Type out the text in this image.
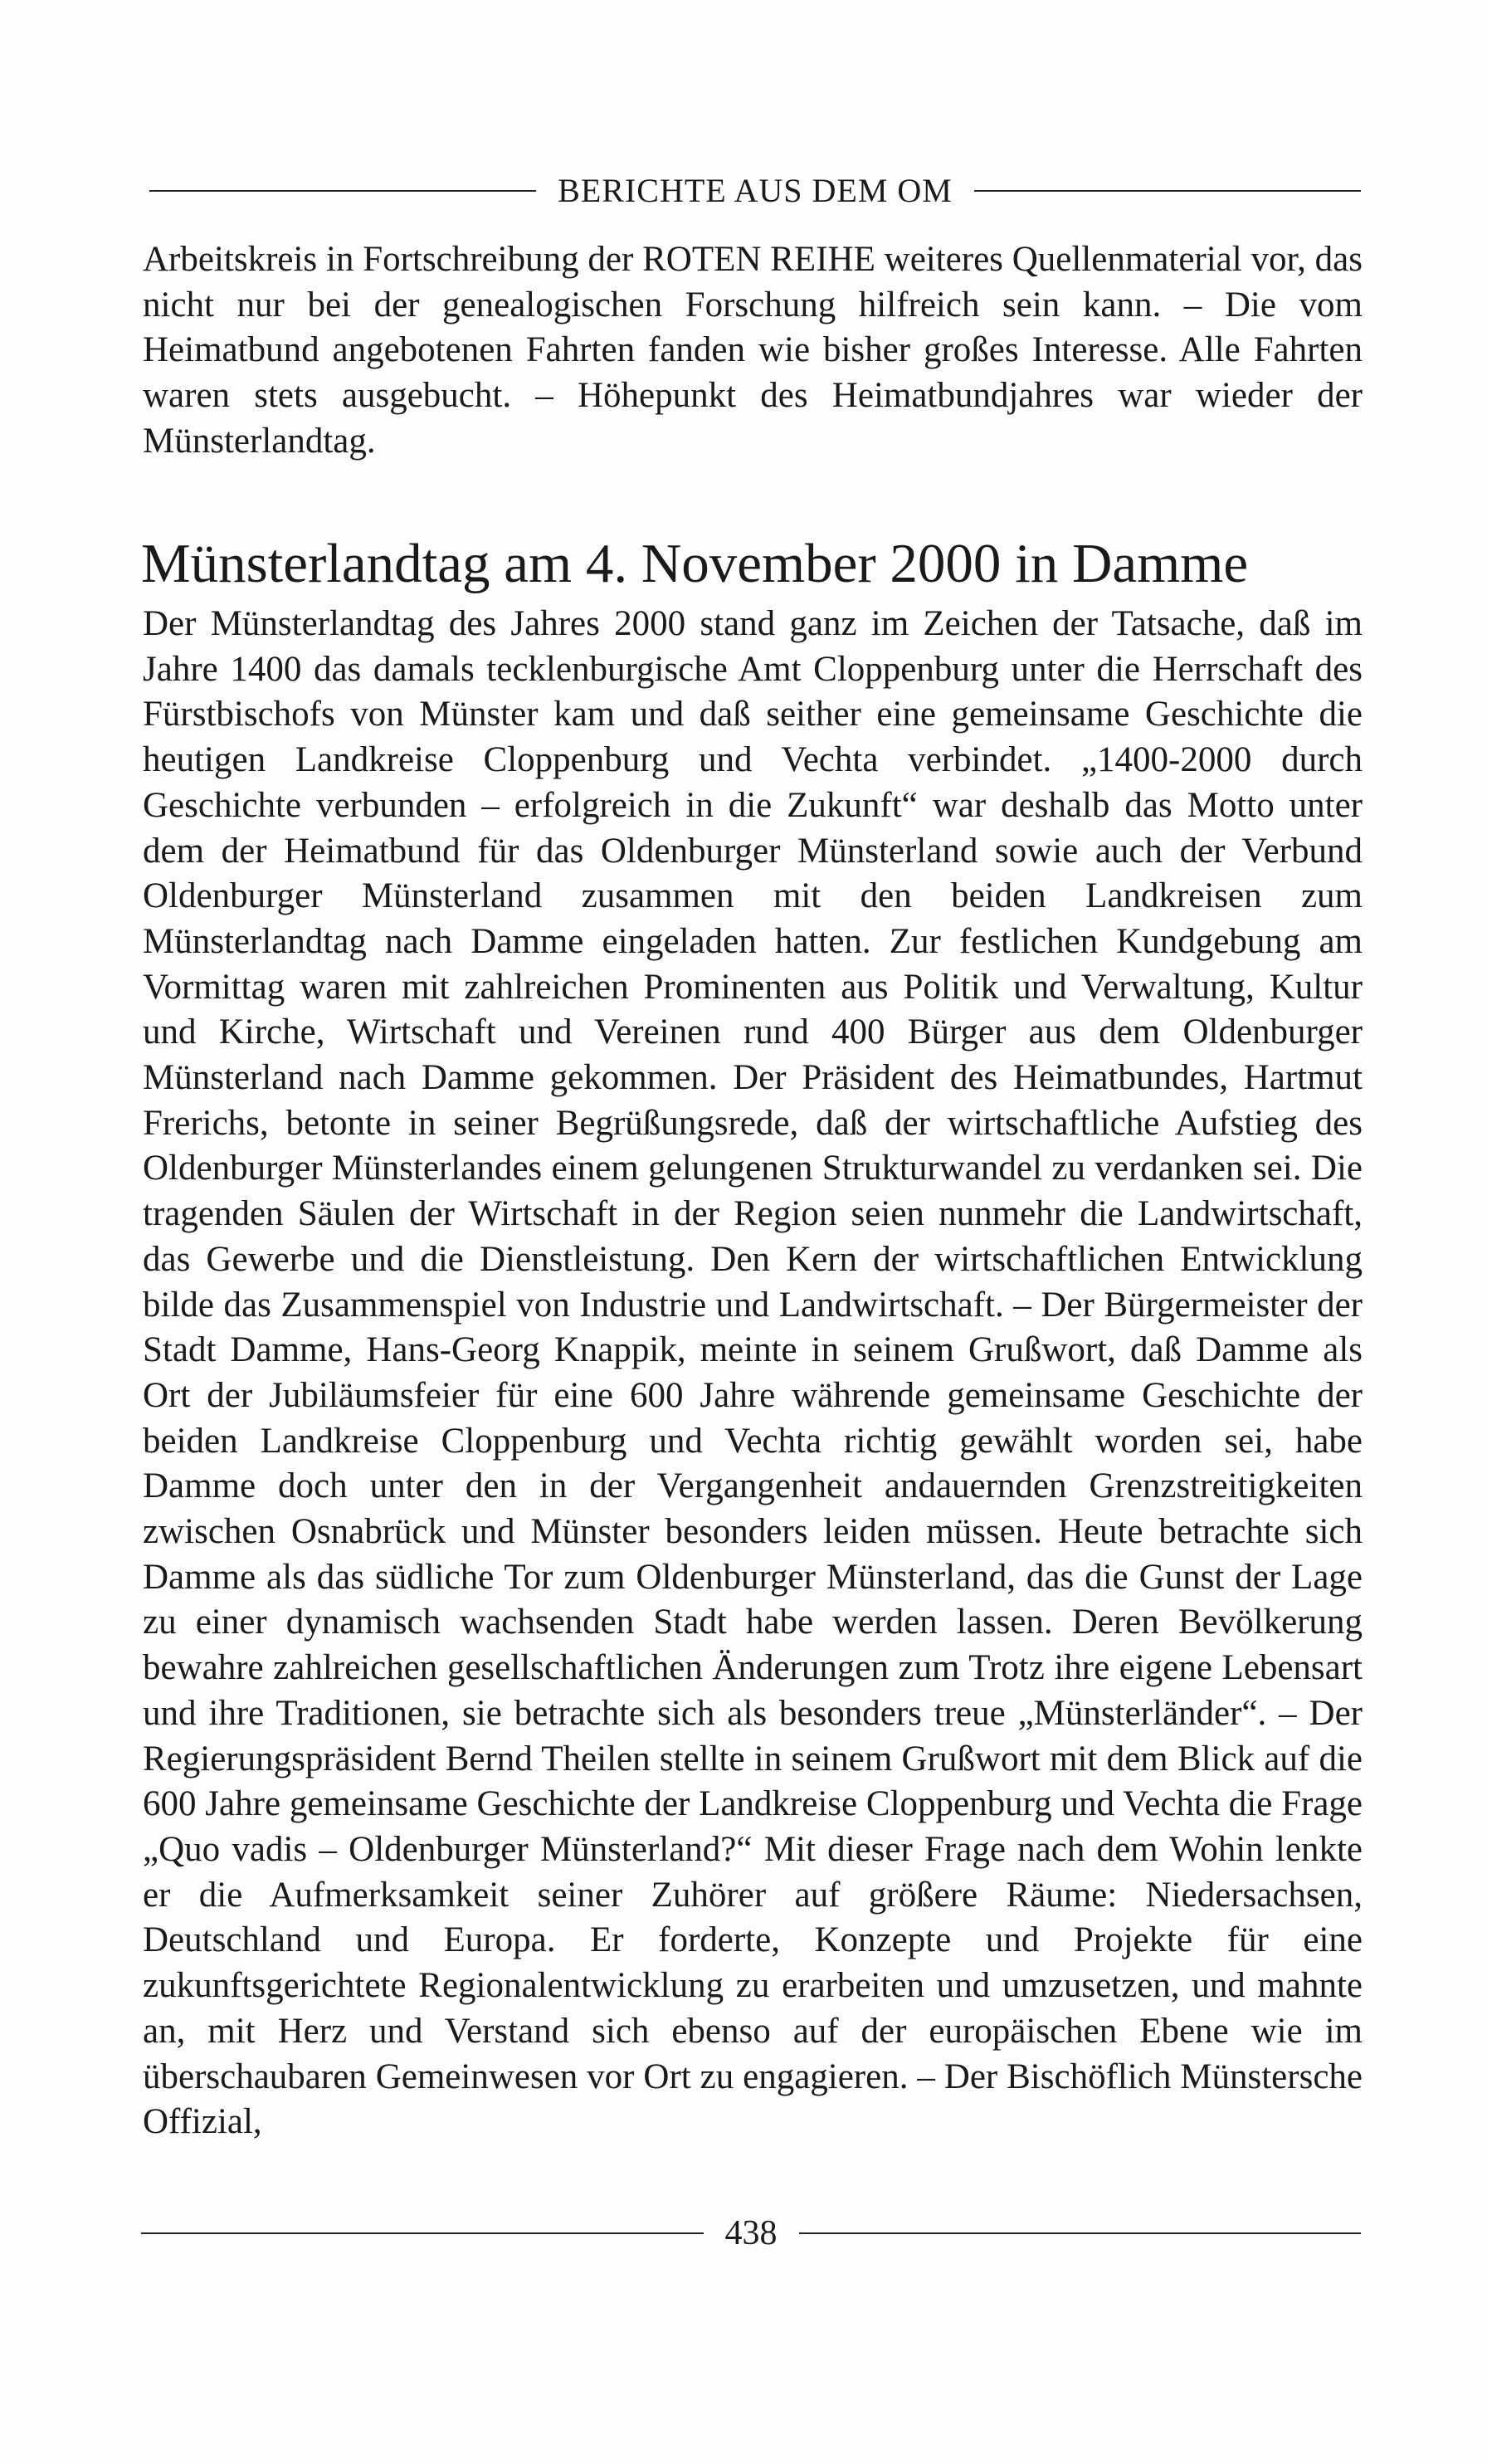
BERICHTE AUS DEM OM

Arbeitskreis in Fortschreibung der ROTEN REIHE weiteres Quellenmaterial vor, das nicht nur bei der genealogischen Forschung hilfreich sein kann. – Die vom Heimatbund angebotenen Fahrten fanden wie bisher großes Interesse. Alle Fahrten waren stets ausgebucht. – Höhepunkt des Heimatbundjahres war wieder der Münsterlandtag.

Münsterlandtag am 4. November 2000 in Damme

Der Münsterlandtag des Jahres 2000 stand ganz im Zeichen der Tatsache, daß im Jahre 1400 das damals tecklenburgische Amt Cloppenburg unter die Herrschaft des Fürstbischofs von Münster kam und daß seither eine gemeinsame Geschichte die heutigen Landkreise Cloppenburg und Vechta verbindet. „1400-2000 durch Geschichte verbunden – erfolgreich in die Zukunft“ war deshalb das Motto unter dem der Heimatbund für das Oldenburger Münsterland sowie auch der Verbund Oldenburger Münsterland zusammen mit den beiden Landkreisen zum Münsterlandtag nach Damme eingeladen hatten. Zur festlichen Kundgebung am Vormittag waren mit zahlreichen Prominenten aus Politik und Verwaltung, Kultur und Kirche, Wirtschaft und Vereinen rund 400 Bürger aus dem Oldenburger Münsterland nach Damme gekommen. Der Präsident des Heimatbundes, Hartmut Frerichs, betonte in seiner Begrüßungsrede, daß der wirtschaftliche Aufstieg des Oldenburger Münsterlandes einem gelungenen Strukturwandel zu verdanken sei. Die tragenden Säulen der Wirtschaft in der Region seien nunmehr die Landwirtschaft, das Gewerbe und die Dienstleistung. Den Kern der wirtschaftlichen Entwicklung bilde das Zusammenspiel von Industrie und Landwirtschaft. – Der Bürgermeister der Stadt Damme, Hans-Georg Knappik, meinte in seinem Grußwort, daß Damme als Ort der Jubiläumsfeier für eine 600 Jahre währende gemeinsame Geschichte der beiden Landkreise Cloppenburg und Vechta richtig gewählt worden sei, habe Damme doch unter den in der Vergangenheit andauernden Grenzstreitigkeiten zwischen Osnabrück und Münster besonders leiden müssen. Heute betrachte sich Damme als das südliche Tor zum Oldenburger Münsterland, das die Gunst der Lage zu einer dynamisch wachsenden Stadt habe werden lassen. Deren Bevölkerung bewahre zahlreichen gesellschaftlichen Änderungen zum Trotz ihre eigene Lebensart und ihre Traditionen, sie betrachte sich als besonders treue „Münsterländer“. – Der Regierungspräsident Bernd Theilen stellte in seinem Grußwort mit dem Blick auf die 600 Jahre gemeinsame Geschichte der Landkreise Cloppenburg und Vechta die Frage „Quo vadis – Oldenburger Münsterland?“ Mit dieser Frage nach dem Wohin lenkte er die Aufmerksamkeit seiner Zuhörer auf größere Räume: Niedersachsen, Deutschland und Europa. Er forderte, Konzepte und Projekte für eine zukunftsgerichtete Regionalentwicklung zu erarbeiten und umzusetzen, und mahnte an, mit Herz und Verstand sich ebenso auf der europäischen Ebene wie im überschaubaren Gemeinwesen vor Ort zu engagieren. – Der Bischöflich Münstersche Offizial,

438
